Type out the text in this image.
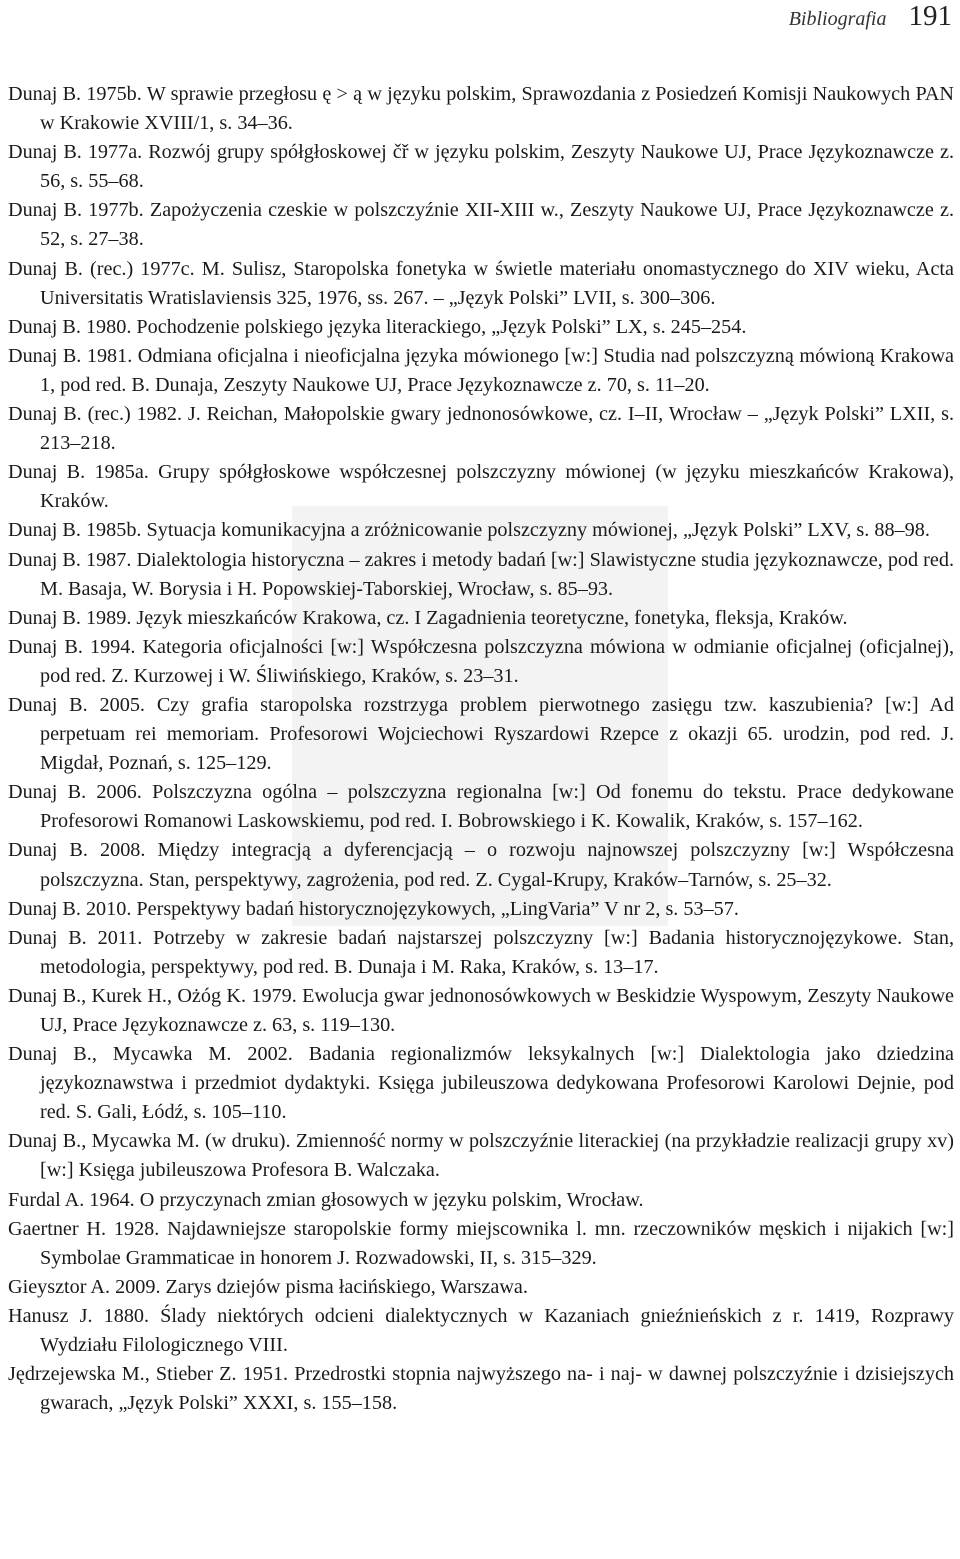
Bibliografia 191

Dunaj B. 1975b. W sprawie przegłosu ę > ą w języku polskim, Sprawozdania z Posiedzeń Komisji Naukowych PAN w Krakowie XVIII/1, s. 34–36.

Dunaj B. 1977a. Rozwój grupy spółgłoskowej čř w języku polskim, Zeszyty Naukowe UJ, Prace Językoznawcze z. 56, s. 55–68.

Dunaj B. 1977b. Zapożyczenia czeskie w polszczyźnie XII-XIII w., Zeszyty Naukowe UJ, Prace Językoznawcze z. 52, s. 27–38.

Dunaj B. (rec.) 1977c. M. Sulisz, Staropolska fonetyka w świetle materiału onomastycznego do XIV wieku, Acta Universitatis Wratislaviensis 325, 1976, ss. 267. – „Język Polski” LVII, s. 300–306.

Dunaj B. 1980. Pochodzenie polskiego języka literackiego, „Język Polski” LX, s. 245–254.

Dunaj B. 1981. Odmiana oficjalna i nieoficjalna języka mówionego [w:] Studia nad polszczyzną mówioną Krakowa 1, pod red. B. Dunaja, Zeszyty Naukowe UJ, Prace Językoznawcze z. 70, s. 11–20.

Dunaj B. (rec.) 1982. J. Reichan, Małopolskie gwary jednonosówkowe, cz. I–II, Wrocław – „Język Polski” LXII, s. 213–218.

Dunaj B. 1985a. Grupy spółgłoskowe współczesnej polszczyzny mówionej (w języku mieszkańców Krakowa), Kraków.

Dunaj B. 1985b. Sytuacja komunikacyjna a zróżnicowanie polszczyzny mówionej, „Język Polski” LXV, s. 88–98.

Dunaj B. 1987. Dialektologia historyczna – zakres i metody badań [w:] Slawistyczne studia językoznawcze, pod red. M. Basaja, W. Borysia i H. Popowskiej-Taborskiej, Wrocław, s. 85–93.

Dunaj B. 1989. Język mieszkańców Krakowa, cz. I Zagadnienia teoretyczne, fonetyka, fleksja, Kraków.

Dunaj B. 1994. Kategoria oficjalności [w:] Współczesna polszczyzna mówiona w odmianie oficjalnej (oficjalnej), pod red. Z. Kurzowej i W. Śliwińskiego, Kraków, s. 23–31.

Dunaj B. 2005. Czy grafia staropolska rozstrzyga problem pierwotnego zasięgu tzw. kaszubienia? [w:] Ad perpetuam rei memoriam. Profesorowi Wojciechowi Ryszardowi Rzepce z okazji 65. urodzin, pod red. J. Migdał, Poznań, s. 125–129.

Dunaj B. 2006. Polszczyzna ogólna – polszczyzna regionalna [w:] Od fonemu do tekstu. Prace dedykowane Profesorowi Romanowi Laskowskiemu, pod red. I. Bobrowskiego i K. Kowalik, Kraków, s. 157–162.

Dunaj B. 2008. Między integracją a dyferencjacją – o rozwoju najnowszej polszczyzny [w:] Współczesna polszczyzna. Stan, perspektywy, zagrożenia, pod red. Z. Cygal-Krupy, Kraków–Tarnów, s. 25–32.

Dunaj B. 2010. Perspektywy badań historycznojęzykowych, „LingVaria” V nr 2, s. 53–57.

Dunaj B. 2011. Potrzeby w zakresie badań najstarszej polszczyzny [w:] Badania historycznojęzykowe. Stan, metodologia, perspektywy, pod red. B. Dunaja i M. Raka, Kraków, s. 13–17.

Dunaj B., Kurek H., Ożóg K. 1979. Ewolucja gwar jednonosówkowych w Beskidzie Wyspowym, Zeszyty Naukowe UJ, Prace Językoznawcze z. 63, s. 119–130.

Dunaj B., Mycawka M. 2002. Badania regionalizmów leksykalnych [w:] Dialektologia jako dziedzina językoznawstwa i przedmiot dydaktyki. Księga jubileuszowa dedykowana Profesorowi Karolowi Dejnie, pod red. S. Gali, Łódź, s. 105–110.

Dunaj B., Mycawka M. (w druku). Zmienność normy w polszczyźnie literackiej (na przykładzie realizacji grupy xv) [w:] Księga jubileuszowa Profesora B. Walczaka.

Furdal A. 1964. O przyczynach zmian głosowych w języku polskim, Wrocław.

Gaertner H. 1928. Najdawniejsze staropolskie formy miejscownika l. mn. rzeczowników męskich i nijakich [w:] Symbolae Grammaticae in honorem J. Rozwadowski, II, s. 315–329.

Gieysztor A. 2009. Zarys dziejów pisma łacińskiego, Warszawa.

Hanusz J. 1880. Ślady niektórych odcieni dialektycznych w Kazaniach gnieźnieńskich z r. 1419, Rozprawy Wydziału Filologicznego VIII.

Jędrzejewska M., Stieber Z. 1951. Przedrostki stopnia najwyższego na- i naj- w dawnej polszczyźnie i dzisiejszych gwarach, „Język Polski” XXXI, s. 155–158.
